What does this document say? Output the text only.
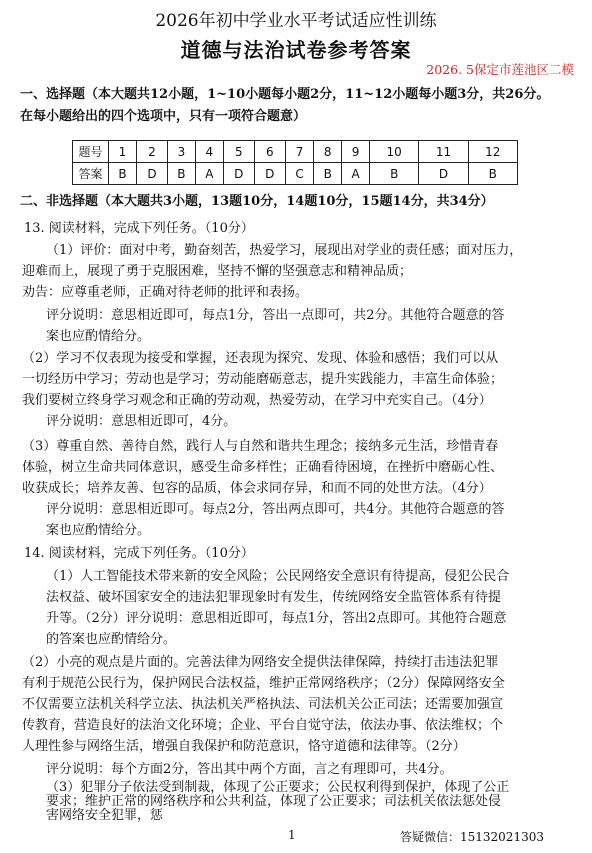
2026年初中学业水平考试适应性训练
道德与法治试卷参考答案
2026. 5保定市莲池区二模
一、选择题（本大题共12小题，1~10小题每小题2分，11~12小题每小题3分，共26分。
在每小题给出的四个选项中，只有一项符合题意）
题号	1	2	3	4	5	6	7	8	9	10	11	12
答案	B	D	B	A	D	D	C	B	A	B	D	B
二、非选择题（本大题共3小题，13题10分，14题10分，15题14分，共34分）
13. 阅读材料，完成下列任务。（10分）
（1）评价：面对中考，勤奋刻苦，热爱学习，展现出对学业的责任感；面对压力，
迎难而上，展现了勇于克服困难，坚持不懈的坚强意志和精神品质；
劝告：应尊重老师，正确对待老师的批评和表扬。
评分说明：意思相近即可，每点1分，答出一点即可，共2分。其他符合题意的答
案也应酌情给分。
（2）学习不仅表现为接受和掌握，还表现为探究、发现、体验和感悟；我们可以从
一切经历中学习；劳动也是学习；劳动能磨砺意志，提升实践能力，丰富生命体验；
我们要树立终身学习观念和正确的劳动观，热爱劳动，在学习中充实自己。（4分）
评分说明：意思相近即可，4分。
（3）尊重自然、善待自然，践行人与自然和谐共生理念；接纳多元生活，珍惜青春
体验，树立生命共同体意识，感受生命多样性；正确看待困境，在挫折中磨砺心性、
收获成长；培养友善、包容的品质，体会求同存异，和而不同的处世方法。（4分）
评分说明：意思相近即可。每点2分，答出两点即可，共4分。其他符合题意的答
案也应酌情给分。
14. 阅读材料，完成下列任务。（10分）
（1）人工智能技术带来新的安全风险；公民网络安全意识有待提高，侵犯公民合
法权益、破坏国家安全的违法犯罪现象时有发生，传统网络安全监管体系有待提
升等。（2分）评分说明：意思相近即可，每点1分，答出2点即可。其他符合题意
的答案也应酌情给分。
（2）小亮的观点是片面的。完善法律为网络安全提供法律保障，持续打击违法犯罪
有利于规范公民行为，保护网民合法权益，维护正常网络秩序；（2分）保障网络安全
不仅需要立法机关科学立法、执法机关严格执法、司法机关公正司法；还需要加强宣
传教育，营造良好的法治文化环境；企业、平台自觉守法，依法办事、依法维权；个
人理性参与网络生活，增强自我保护和防范意识，恪守道德和法律等。（2分）
评分说明：每个方面2分，答出其中两个方面，言之有理即可，共4分。
（3）犯罪分子依法受到制裁，体现了公正要求；公民权利得到保护，体现了公正
要求；维护正常的网络秩序和公共利益，体现了公正要求；司法机关依法惩处侵
害网络安全犯罪，惩
1	答疑微信：15132021303
